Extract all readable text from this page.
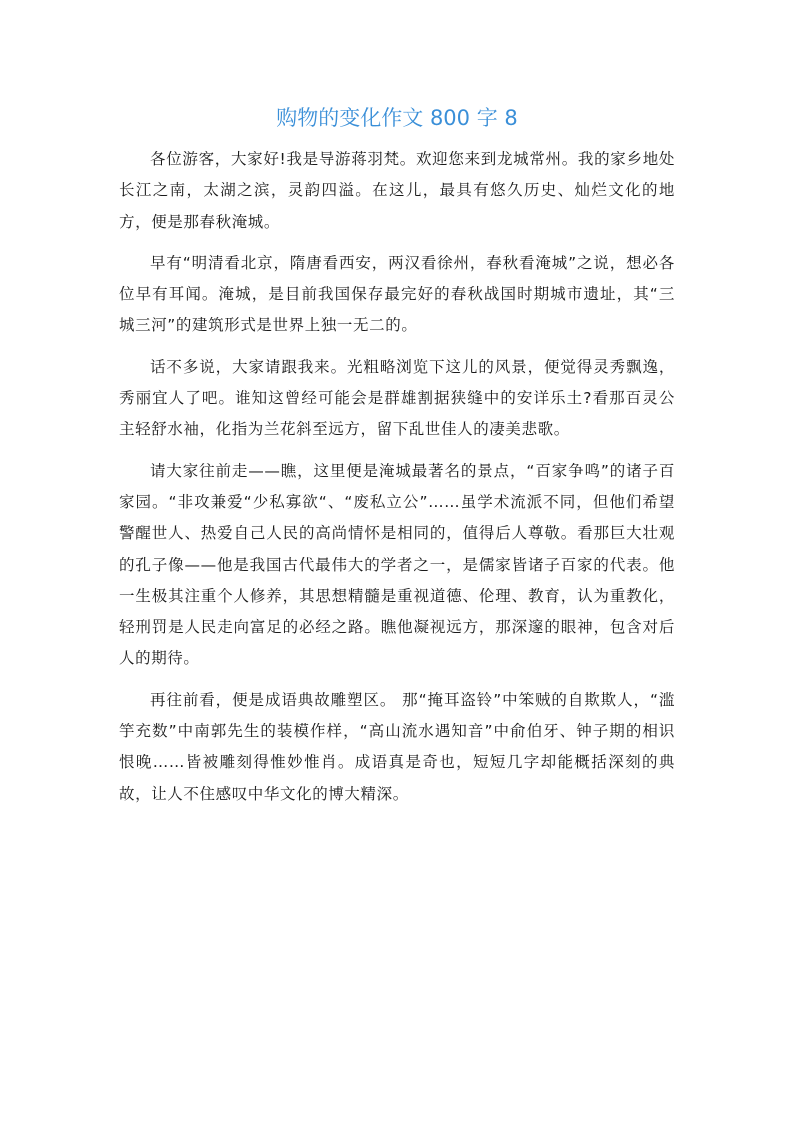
购物的变化作文 800 字 8

各位游客，大家好!我是导游蒋羽梵。欢迎您来到龙城常州。我的家乡地处长江之南，太湖之滨，灵韵四溢。在这儿，最具有悠久历史、灿烂文化的地方，便是那春秋淹城。

早有“明清看北京，隋唐看西安，两汉看徐州，春秋看淹城”之说，想必各位早有耳闻。淹城，是目前我国保存最完好的春秋战国时期城市遗址，其“三城三河”的建筑形式是世界上独一无二的。

话不多说，大家请跟我来。光粗略浏览下这儿的风景，便觉得灵秀飘逸，秀丽宜人了吧。谁知这曾经可能会是群雄割据狭缝中的安详乐土?看那百灵公主轻舒水袖，化指为兰花斜至远方，留下乱世佳人的凄美悲歌。

请大家往前走——瞧，这里便是淹城最著名的景点，“百家争鸣”的诸子百家园。“非攻兼爱“少私寡欲“、“废私立公”……虽学术流派不同，但他们希望警醒世人、热爱自己人民的高尚情怀是相同的，值得后人尊敬。看那巨大壮观的孔子像——他是我国古代最伟大的学者之一，是儒家皆诸子百家的代表。他一生极其注重个人修养，其思想精髓是重视道德、伦理、教育，认为重教化，轻刑罚是人民走向富足的必经之路。瞧他凝视远方，那深邃的眼神，包含对后人的期待。

再往前看，便是成语典故雕塑区。 那“掩耳盗铃”中笨贼的自欺欺人，“滥竽充数”中南郭先生的装模作样，“高山流水遇知音”中俞伯牙、钟子期的相识恨晚……皆被雕刻得惟妙惟肖。成语真是奇也，短短几字却能概括深刻的典故，让人不住感叹中华文化的博大精深。
